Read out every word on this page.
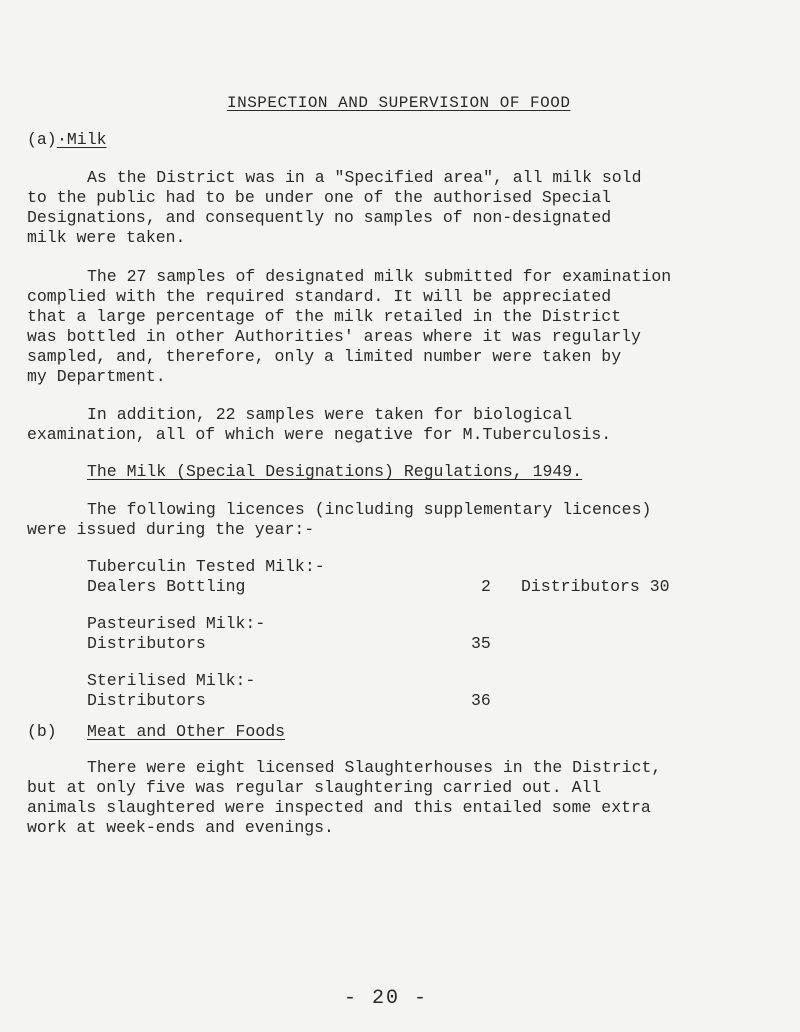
INSPECTION AND SUPERVISION OF FOOD
(a) ·Milk
As the District was in a "Specified area", all milk sold
to the public had to be under one of the authorised Special
Designations, and consequently no samples of non-designated
milk were taken.
The 27 samples of designated milk submitted for examination
complied with the required standard. It will be appreciated
that a large percentage of the milk retailed in the District
was bottled in other Authorities' areas where it was regularly
sampled, and, therefore, only a limited number were taken by
my Department.
In addition, 22 samples were taken for biological
examination, all of which were negative for M.Tuberculosis.
The Milk (Special Designations) Regulations, 1949.
The following licences (including supplementary licences)
were issued during the year:-
Tuberculin Tested Milk:-
Dealers Bottling	2 Distributors 30
Pasteurised Milk:-
Distributors	35
Sterilised Milk:-
Distributors	36
(b) Meat and Other Foods
There were eight licensed Slaughterhouses in the District,
but at only five was regular slaughtering carried out. All
animals slaughtered were inspected and this entailed some extra
work at week-ends and evenings.
- 20 -
